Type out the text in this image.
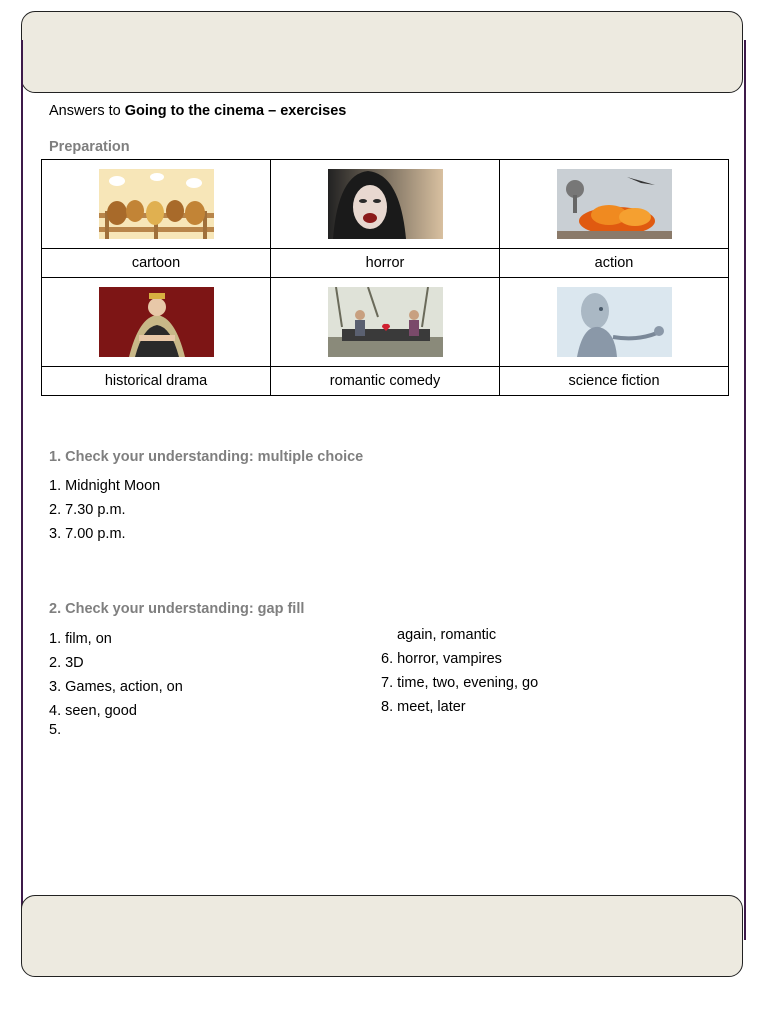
Answers to Going to the cinema – exercises
Preparation

cartoon	horror	action

historical drama	romantic comedy	science fiction
1. Check your understanding: multiple choice
1. Midnight Moon
2. 7.30 p.m.
3. 7.00 p.m.
2. Check your understanding: gap fill
1. film, on
2. 3D
3. Games, action, on
4. seen, good
5.
again, romantic
6. horror, vampires
7. time, two, evening, go
8. meet, later
